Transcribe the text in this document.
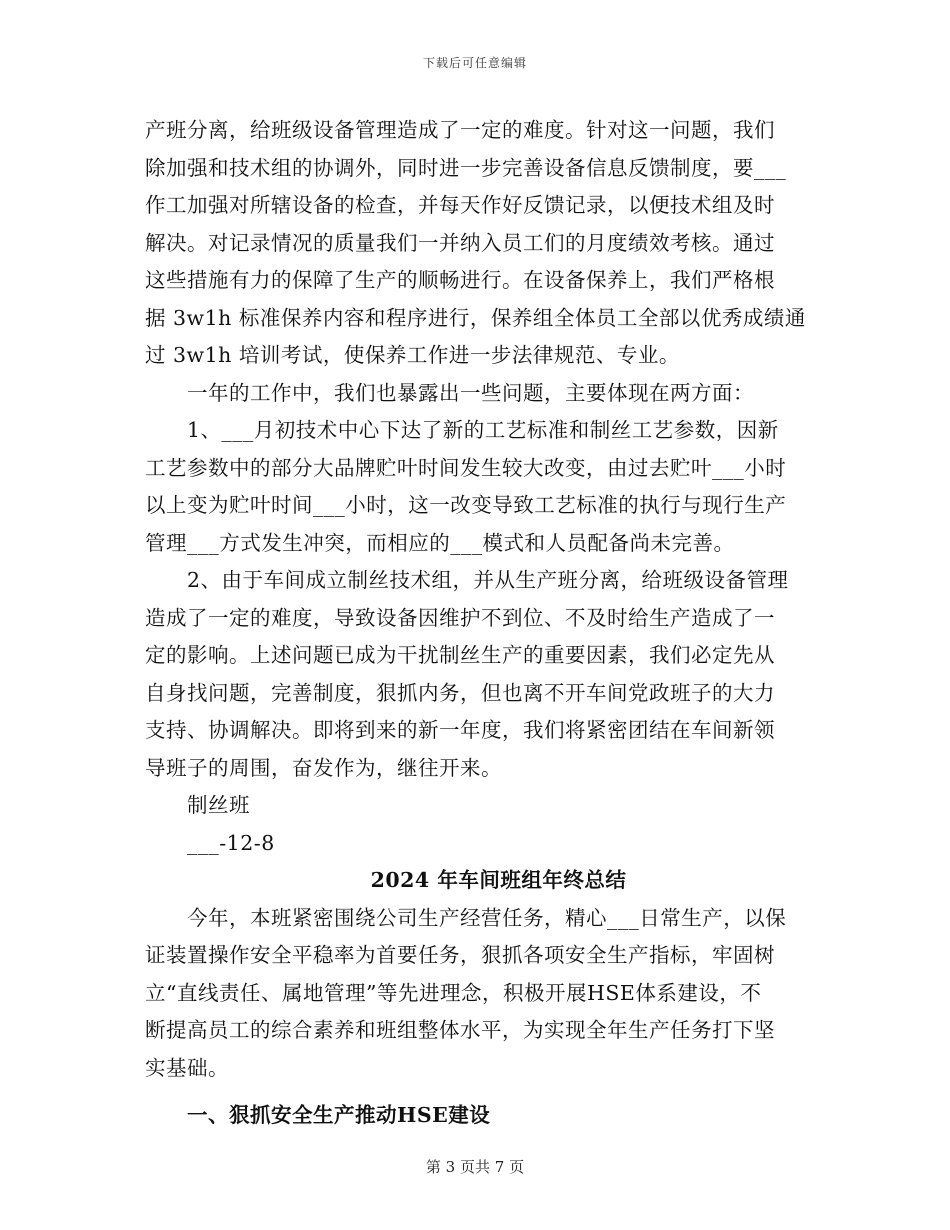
下载后可任意编辑
产班分离，给班级设备管理造成了一定的难度。针对这一问题，我们
除加强和技术组的协调外，同时进一步完善设备信息反馈制度，要___
作工加强对所辖设备的检查，并每天作好反馈记录，以便技术组及时
解决。对记录情况的质量我们一并纳入员工们的月度绩效考核。通过
这些措施有力的保障了生产的顺畅进行。在设备保养上，我们严格根
据 3w1h 标准保养内容和程序进行，保养组全体员工全部以优秀成绩通
过 3w1h 培训考试，使保养工作进一步法律规范、专业。
一年的工作中，我们也暴露出一些问题，主要体现在两方面：
1、___月初技术中心下达了新的工艺标准和制丝工艺参数，因新
工艺参数中的部分大品牌贮叶时间发生较大改变，由过去贮叶___小时
以上变为贮叶时间___小时，这一改变导致工艺标准的执行与现行生产
管理___方式发生冲突，而相应的___模式和人员配备尚未完善。
2、由于车间成立制丝技术组，并从生产班分离，给班级设备管理
造成了一定的难度，导致设备因维护不到位、不及时给生产造成了一
定的影响。上述问题已成为干扰制丝生产的重要因素，我们必定先从
自身找问题，完善制度，狠抓内务，但也离不开车间党政班子的大力
支持、协调解决。即将到来的新一年度，我们将紧密团结在车间新领
导班子的周围，奋发作为，继往开来。
制丝班
___-12-8
2024 年车间班组年终总结
今年，本班紧密围绕公司生产经营任务，精心___日常生产，以保
证装置操作安全平稳率为首要任务，狠抓各项安全生产指标，牢固树
立“直线责任、属地管理”等先进理念，积极开展HSE体系建设，不
断提高员工的综合素养和班组整体水平，为实现全年生产任务打下坚
实基础。
一、狠抓安全生产推动HSE建设
第 3 页共 7 页
